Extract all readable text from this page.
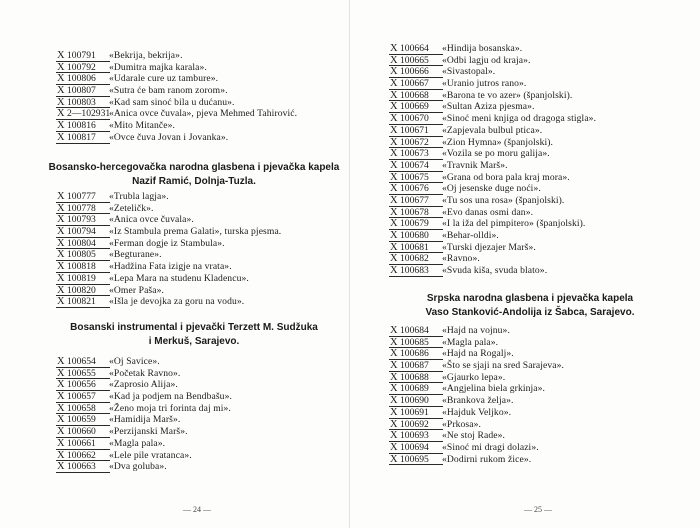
X 100791 «Bekrija, bekrija».
X 100792 «Dumitra majka karala».
X 100806 «Udarale cure uz tambure».
X 100807 «Sutra će bam ranom zorom».
X 100803 «Kad sam sinoć bila u dućanu».
X 2—102931«Anica ovce čuvala», pjeva Mehmed Tahirović.
X 100816 «Mito Mitanče».
X 100817 «Ovce čuva Jovan i Jovanka».
Bosansko-hercegovačka narodna glasbena i pjevačka kapela
Nazif Ramić, Dolnja-Tuzla.
X 100777 «Trubla lagja».
X 100778 «Zeteličk».
X 100793 «Anica ovce čuvala».
X 100794 «Iz Stambula prema Galati», turska pjesma.
X 100804 «Ferman dogje iz Stambula».
X 100805 «Begturane».
X 100818 «Hadžina Fata izigje na vrata».
X 100819 «Lepa Mara na studenu Kladencu».
X 100820 «Omer Paša».
X 100821 «Išla je devojka za goru na vodu».
Bosanski instrumental i pjevački Terzett M. Sudžuka
i Merkuš, Sarajevo.
X 100654 «Oj Savice».
X 100655 «Početak Ravno».
X 100656 «Zaprosio Alija».
X 100657 «Kad ja podjem na Bendbašu».
X 100658 «Ženo moja tri forinta daj mi».
X 100659 «Hamidija Marš».
X 100660 «Perzijanski Marš».
X 100661 «Magla pala».
X 100662 «Lele pile vratanca».
X 100663 «Dva goluba».
— 24 —
X 100664 «Hindija bosanska».
X 100665 «Odbi lagju od kraja».
X 100666 «Sivastopal».
X 100667 «Uranio jutros rano».
X 100668 «Barona te vo azer» (španjolski).
X 100669 «Sultan Aziza pjesma».
X 100670 «Sinoć meni knjiga od dragoga stigla».
X 100671 «Zapjevala bulbul ptica».
X 100672 «Zion Hymna» (španjolski).
X 100673 «Vozila se po moru galija».
X 100674 «Travnik Marš».
X 100675 «Grana od bora pala kraj mora».
X 100676 «Oj jesenske duge noći».
X 100677 «Tu sos una rosa» (španjolski).
X 100678 «Evo danas osmi dan».
X 100679 «I la iža del pimpitero» (španjolski).
X 100680 «Behar-olldi».
X 100681 «Turski djezajer Marš».
X 100682 «Ravno».
X 100683 «Svuda kiša, svuda blato».
Srpska narodna glasbena i pjevačka kapela
Vaso Stanković-Andolija iz Šabca, Sarajevo.
X 100684 «Hajd na vojnu».
X 100685 «Magla pala».
X 100686 «Hajd na Rogalj».
X 100687 «Što se sjaji na sred Sarajeva».
X 100688 «Gjaurko lepa».
X 100689 «Angjelina biela grkinja».
X 100690 «Brankova želja».
X 100691 «Hajduk Veljko».
X 100692 «Prkosa».
X 100693 «Ne stoj Rade».
X 100694 «Sinoć mi dragi dolazi».
X 100695 «Dodirni rukom žice».
— 25 —
